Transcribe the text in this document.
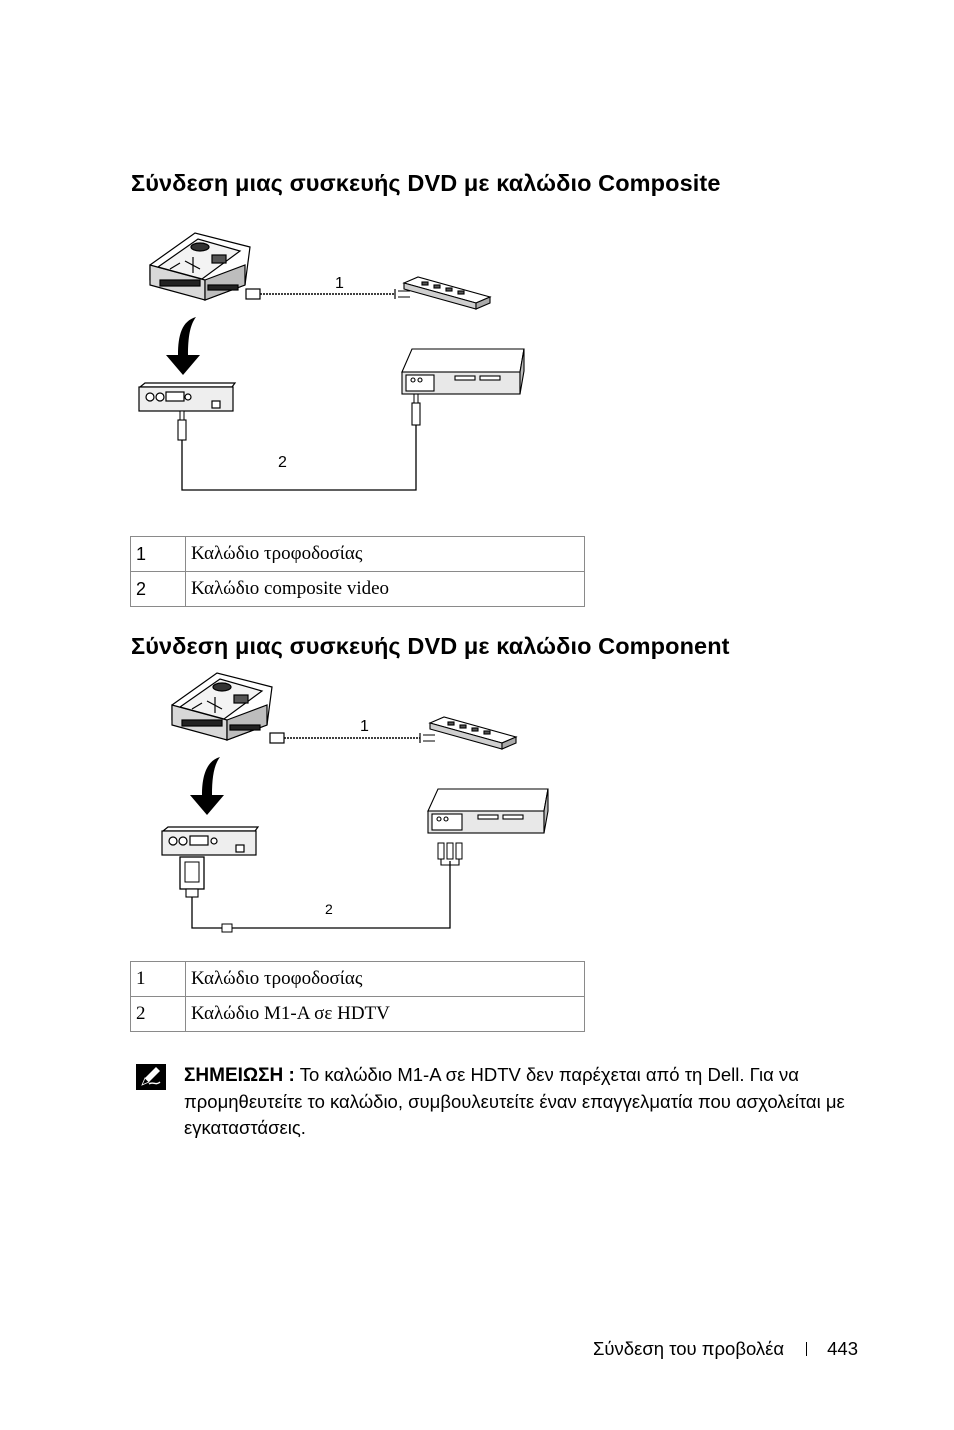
Σύνδεση μιας συσκευής DVD με καλώδιο Composite
1
2
1	Καλώδιο τροφοδοσίας
2	Καλώδιο composite video
Σύνδεση μιας συσκευής DVD με καλώδιο Component
1
2
1	Καλώδιο τροφοδοσίας
2	Καλώδιο M1-A σε HDTV
ΣΗΜΕΙΩΣΗ : Το καλώδιο M1-A σε HDTV δεν παρέχεται από τη Dell. Για να προμηθευτείτε το καλώδιο, συμβουλευτείτε έναν επαγγελματία που ασχολείται με εγκαταστάσεις.
Σύνδεση του προβολέα 443
